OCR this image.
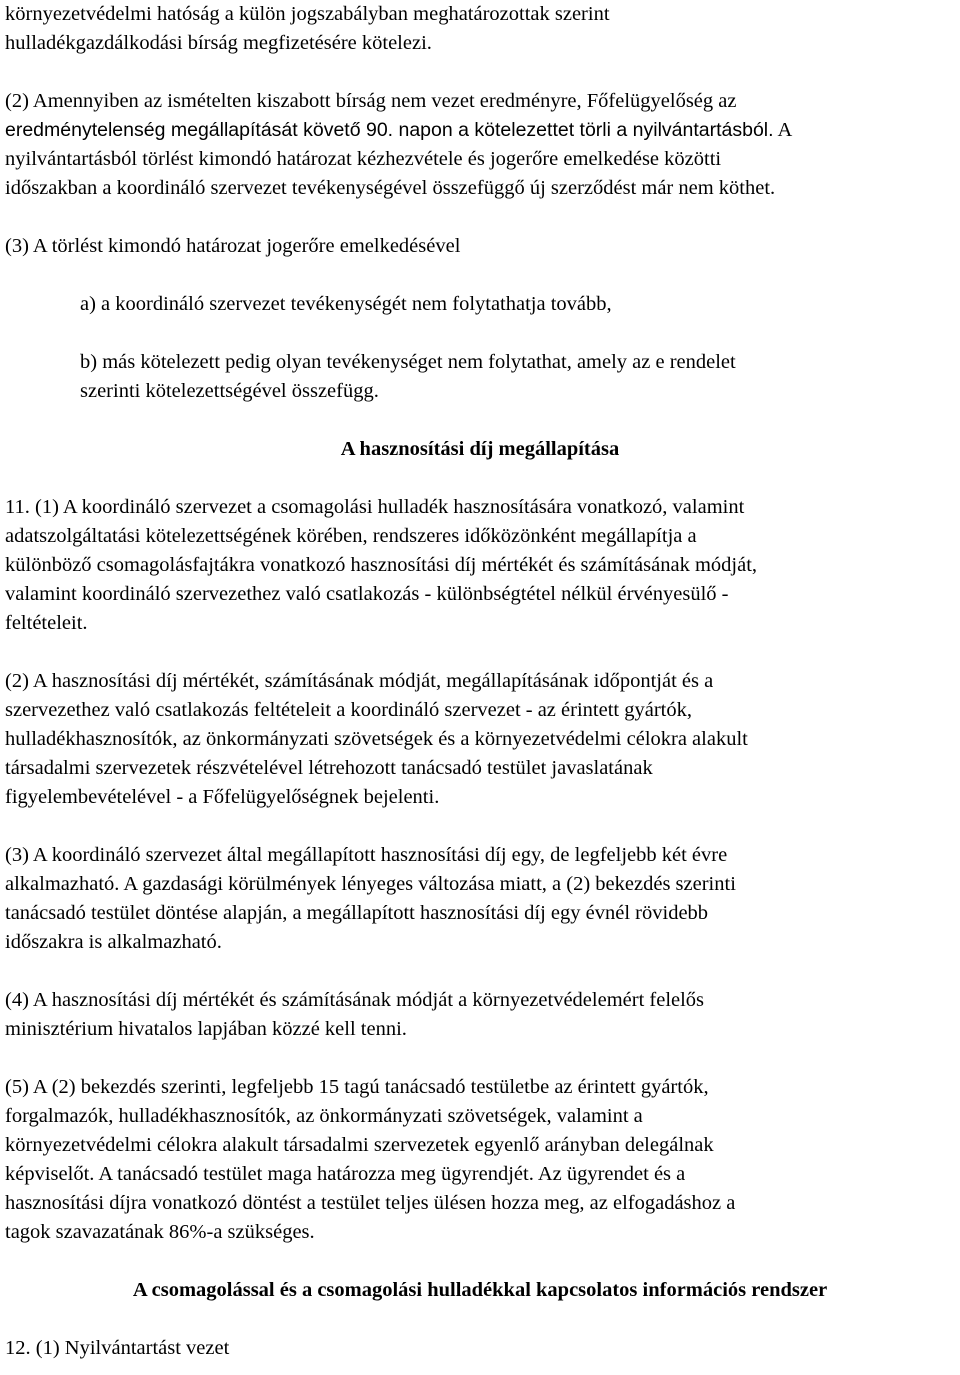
környezetvédelmi hatóság a külön jogszabályban meghatározottak szerint
hulladékgazdálkodási bírság megfizetésére kötelezi.
(2) Amennyiben az ismételten kiszabott bírság nem vezet eredményre, Főfelügyelőség az
eredménytelenség megállapítását követő 90. napon a kötelezettet törli a nyilvántartásból. A
nyilvántartásból törlést kimondó határozat kézhezvétele és jogerőre emelkedése közötti
időszakban a koordináló szervezet tevékenységével összefüggő új szerződést már nem köthet.
(3) A törlést kimondó határozat jogerőre emelkedésével
a) a koordináló szervezet tevékenységét nem folytathatja tovább,
b) más kötelezett pedig olyan tevékenységet nem folytathat, amely az e rendelet
szerinti kötelezettségével összefügg.
A hasznosítási díj megállapítása
11. (1) A koordináló szervezet a csomagolási hulladék hasznosítására vonatkozó, valamint
adatszolgáltatási kötelezettségének körében, rendszeres időközönként megállapítja a
különböző csomagolásfajtákra vonatkozó hasznosítási díj mértékét és számításának módját,
valamint koordináló szervezethez való csatlakozás - különbségtétel nélkül érvényesülő -
feltételeit.
(2) A hasznosítási díj mértékét, számításának módját, megállapításának időpontját és a
szervezethez való csatlakozás feltételeit a koordináló szervezet - az érintett gyártók,
hulladékhasznosítók, az önkormányzati szövetségek és a környezetvédelmi célokra alakult
társadalmi szervezetek részvételével létrehozott tanácsadó testület javaslatának
figyelembevételével - a Főfelügyelőségnek bejelenti.
(3) A koordináló szervezet által megállapított hasznosítási díj egy, de legfeljebb két évre
alkalmazható. A gazdasági körülmények lényeges változása miatt, a (2) bekezdés szerinti
tanácsadó testület döntése alapján, a megállapított hasznosítási díj egy évnél rövidebb
időszakra is alkalmazható.
(4) A hasznosítási díj mértékét és számításának módját a környezetvédelemért felelős
minisztérium hivatalos lapjában közzé kell tenni.
(5) A (2) bekezdés szerinti, legfeljebb 15 tagú tanácsadó testületbe az érintett gyártók,
forgalmazók, hulladékhasznosítók, az önkormányzati szövetségek, valamint a
környezetvédelmi célokra alakult társadalmi szervezetek egyenlő arányban delegálnak
képviselőt. A tanácsadó testület maga határozza meg ügyrendjét. Az ügyrendet és a
hasznosítási díjra vonatkozó döntést a testület teljes ülésen hozza meg, az elfogadáshoz a
tagok szavazatának 86%-a szükséges.
A csomagolással és a csomagolási hulladékkal kapcsolatos információs rendszer
12. (1) Nyilvántartást vezet
